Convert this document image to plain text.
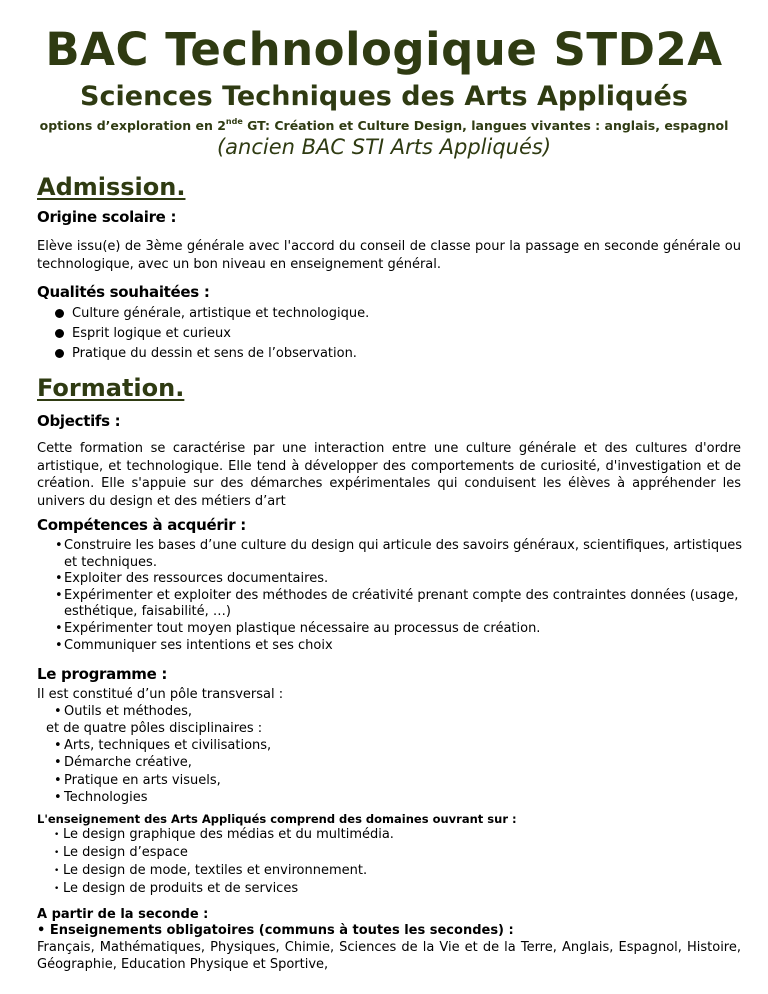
BAC Technologique STD2A
Sciences Techniques des Arts Appliqués
options d’exploration en 2nde GT: Création et Culture Design, langues vivantes : anglais, espagnol
(ancien BAC STI Arts Appliqués)
Admission.
Origine scolaire :
Elève issu(e) de 3ème générale avec l'accord du conseil de classe pour la passage en seconde générale ou technologique, avec un bon niveau en enseignement général.
Qualités souhaitées :
Culture générale, artistique et technologique.
Esprit logique et curieux
Pratique du dessin et sens de l’observation.
Formation.
Objectifs :
Cette formation se caractérise par une interaction entre une culture générale et des cultures d'ordre artistique, et technologique. Elle tend à développer des comportements de curiosité, d'investigation et de création. Elle s'appuie sur des démarches expérimentales qui conduisent les élèves à appréhender les univers du design et des métiers d’art
Compétences à acquérir :
•Construire les bases d’une culture du design qui articule des savoirs généraux, scientifiques, artistiques et techniques.
•Exploiter des ressources documentaires.
•Expérimenter et exploiter des méthodes de créativité prenant compte des contraintes données (usage, esthétique, faisabilité, …)
•Expérimenter tout moyen plastique nécessaire au processus de création.
•Communiquer ses intentions et ses choix
Le programme :
Il est constitué d’un pôle transversal :
• Outils et méthodes,
et de quatre pôles disciplinaires :
• Arts, techniques et civilisations,
• Démarche créative,
• Pratique en arts visuels,
• Technologies
L'enseignement des Arts Appliqués comprend des domaines ouvrant sur :
• Le design graphique des médias et du multimédia.
• Le design d’espace
• Le design de mode, textiles et environnement.
• Le design de produits et de services
A partir de la seconde :
• Enseignements obligatoires (communs à toutes les secondes) :
Français, Mathématiques, Physiques, Chimie, Sciences de la Vie et de la Terre, Anglais, Espagnol, Histoire, Géographie, Education Physique et Sportive,
